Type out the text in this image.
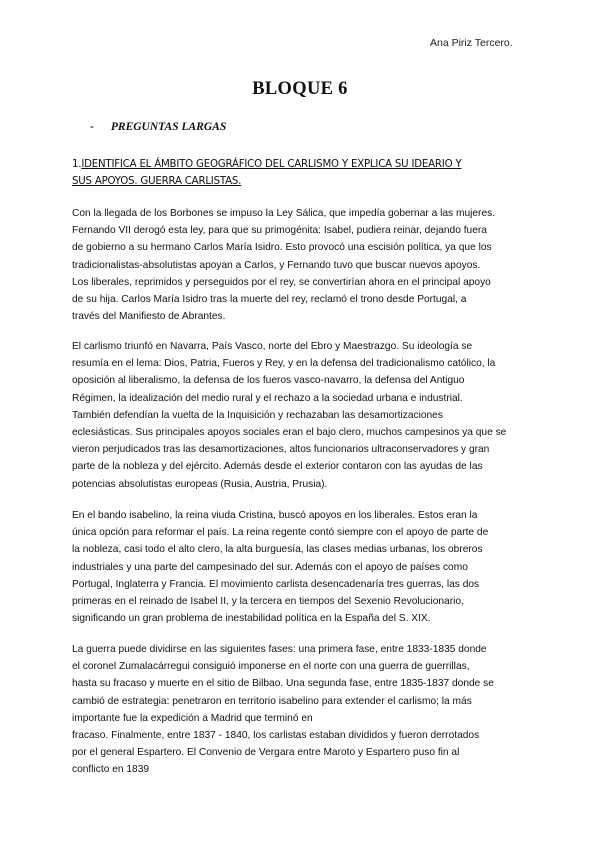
Ana Piriz Tercero.
BLOQUE 6
- PREGUNTAS LARGAS
1.IDENTIFICA EL ÁMBITO GEOGRÁFICO DEL CARLISMO Y EXPLICA SU IDEARIO Y
SUS APOYOS. GUERRA CARLISTAS.
Con la llegada de los Borbones se impuso la Ley Sálica, que impedía gobernar a las mujeres.
Fernando VII derogó esta ley, para que su primogénita: Isabel, pudiera reinar, dejando fuera
de gobierno a su hermano Carlos María Isidro. Esto provocó una escisión política, ya que los
tradicionalistas-absolutistas apoyan a Carlos, y Fernando tuvo que buscar nuevos apoyos.
Los liberales, reprimidos y perseguidos por el rey, se convertirían ahora en el principal apoyo
de su hija. Carlos María Isidro tras la muerte del rey, reclamó el trono desde Portugal, a
través del Manifiesto de Abrantes.
El carlismo triunfó en Navarra, País Vasco, norte del Ebro y Maestrazgo. Su ideología se
resumía en el lema: Dios, Patria, Fueros y Rey, y en la defensa del tradicionalismo católico, la
oposición al liberalismo, la defensa de los fueros vasco-navarro, la defensa del Antiguo
Régimen, la idealización del medio rural y el rechazo a la sociedad urbana e industrial.
También defendían la vuelta de la Inquisición y rechazaban las desamortizaciones
eclesiásticas. Sus principales apoyos sociales eran el bajo clero, muchos campesinos ya que se
vieron perjudicados tras las desamortizaciones, altos funcionarios ultraconservadores y gran
parte de la nobleza y del ejército. Además desde el exterior contaron con las ayudas de las
potencias absolutistas europeas (Rusia, Austria, Prusia).
En el bando isabelino, la reina viuda Cristina, buscó apoyos en los liberales. Estos eran la
única opción para reformar el país. La reina regente contó siempre con el apoyo de parte de
la nobleza, casi todo el alto clero, la alta burguesía, las clases medias urbanas, los obreros
industriales y una parte del campesinado del sur. Además con el apoyo de países como
Portugal, Inglaterra y Francia. El movimiento carlista desencadenaría tres guerras, las dos
primeras en el reinado de Isabel II, y la tercera en tiempos del Sexenio Revolucionario,
significando un gran problema de inestabilidad política en la España del S. XIX.
La guerra puede dividirse en las siguientes fases: una primera fase, entre 1833-1835 donde
el coronel Zumalacárregui consiguió imponerse en el norte con una guerra de guerrillas,
hasta su fracaso y muerte en el sitio de Bilbao. Una segunda fase, entre 1835-1837 donde se
cambió de estrategia: penetraron en territorio isabelino para extender el carlismo; la más
importante fue la expedición a Madrid que terminó en
fracaso. Finalmente, entre 1837 - 1840, los carlistas estaban divididos y fueron derrotados
por el general Espartero. El Convenio de Vergara entre Maroto y Espartero puso fin al
conflicto en 1839
